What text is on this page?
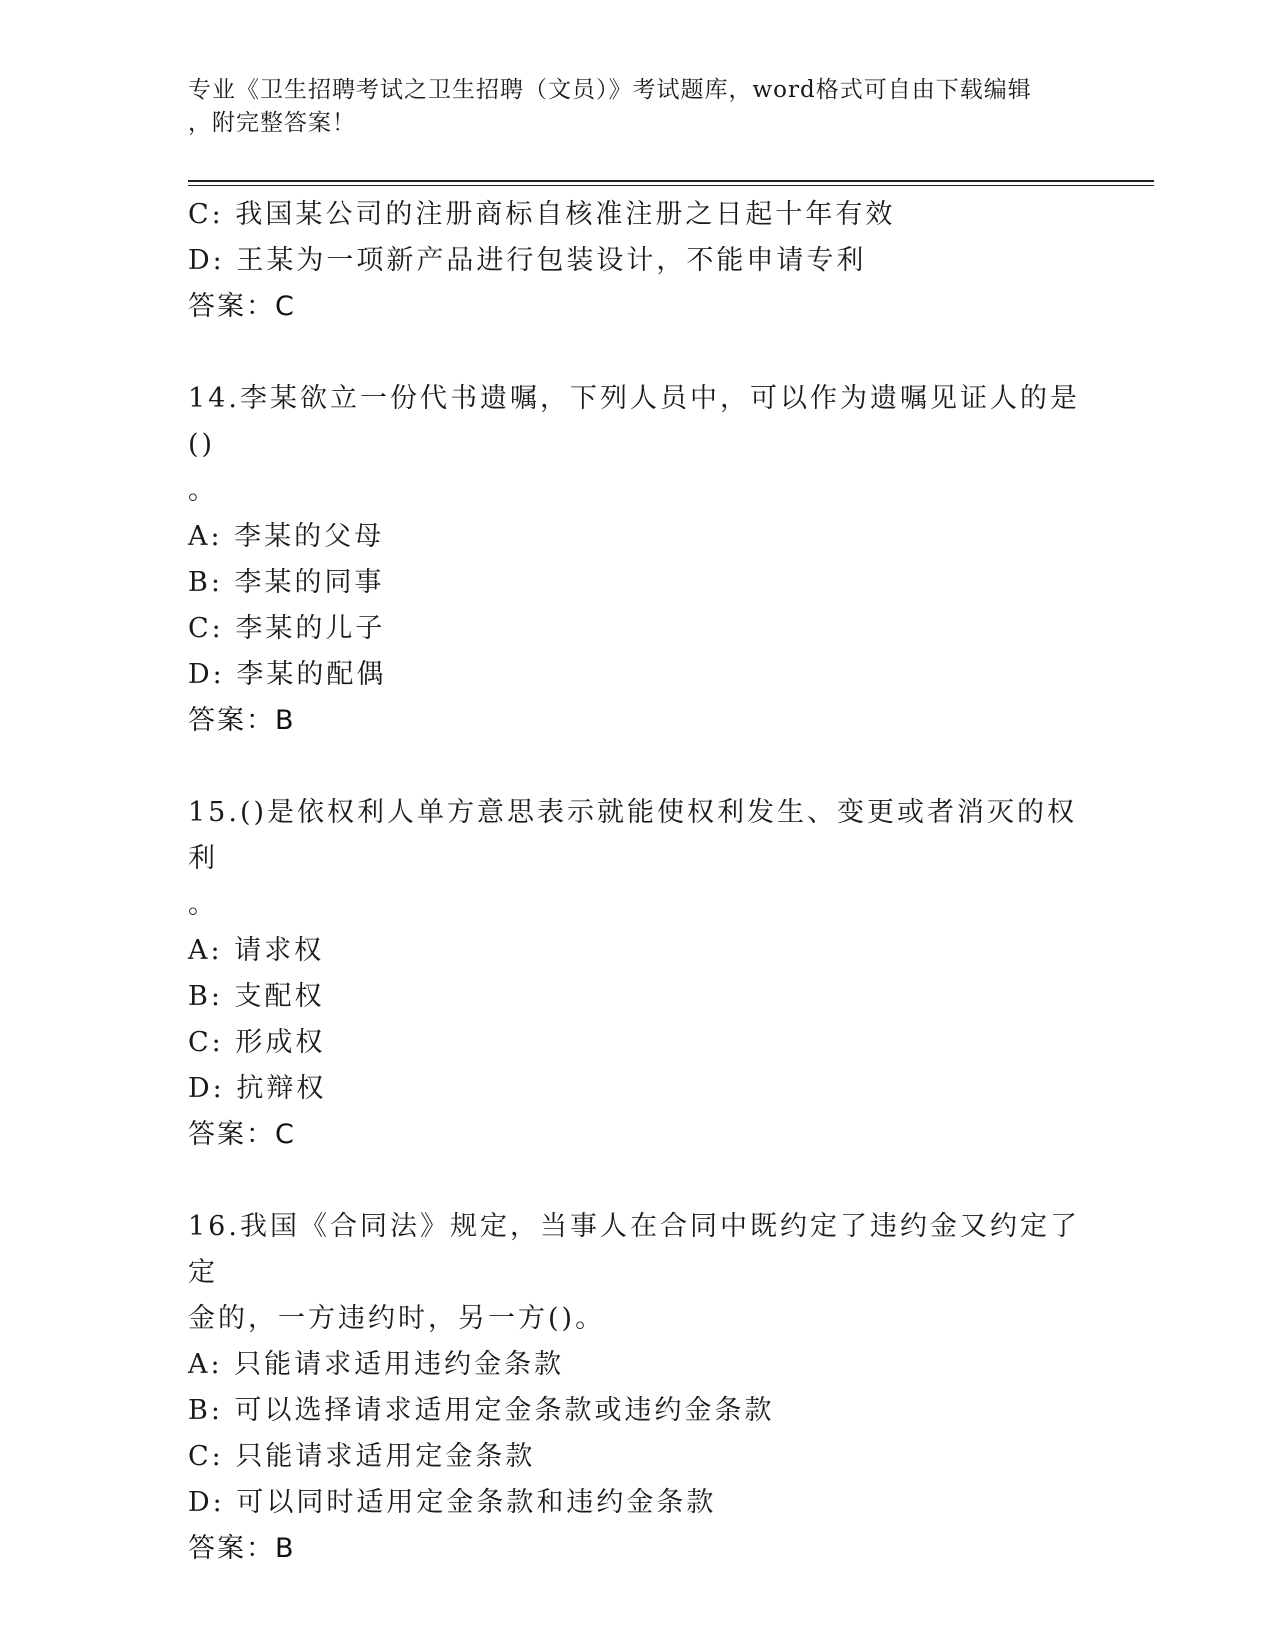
专业《卫生招聘考试之卫生招聘（文员）》考试题库，word格式可自由下载编辑
，附完整答案！
C: 我国某公司的注册商标自核准注册之日起十年有效
D: 王某为一项新产品进行包装设计，不能申请专利
答案：C
14.李某欲立一份代书遗嘱，下列人员中，可以作为遗嘱见证人的是()
。
A: 李某的父母
B: 李某的同事
C: 李某的儿子
D: 李某的配偶
答案：B
15.()是依权利人单方意思表示就能使权利发生、变更或者消灭的权利
。
A: 请求权
B: 支配权
C: 形成权
D: 抗辩权
答案：C
16.我国《合同法》规定，当事人在合同中既约定了违约金又约定了定
金的，一方违约时，另一方()。
A: 只能请求适用违约金条款
B: 可以选择请求适用定金条款或违约金条款
C: 只能请求适用定金条款
D: 可以同时适用定金条款和违约金条款
答案：B
